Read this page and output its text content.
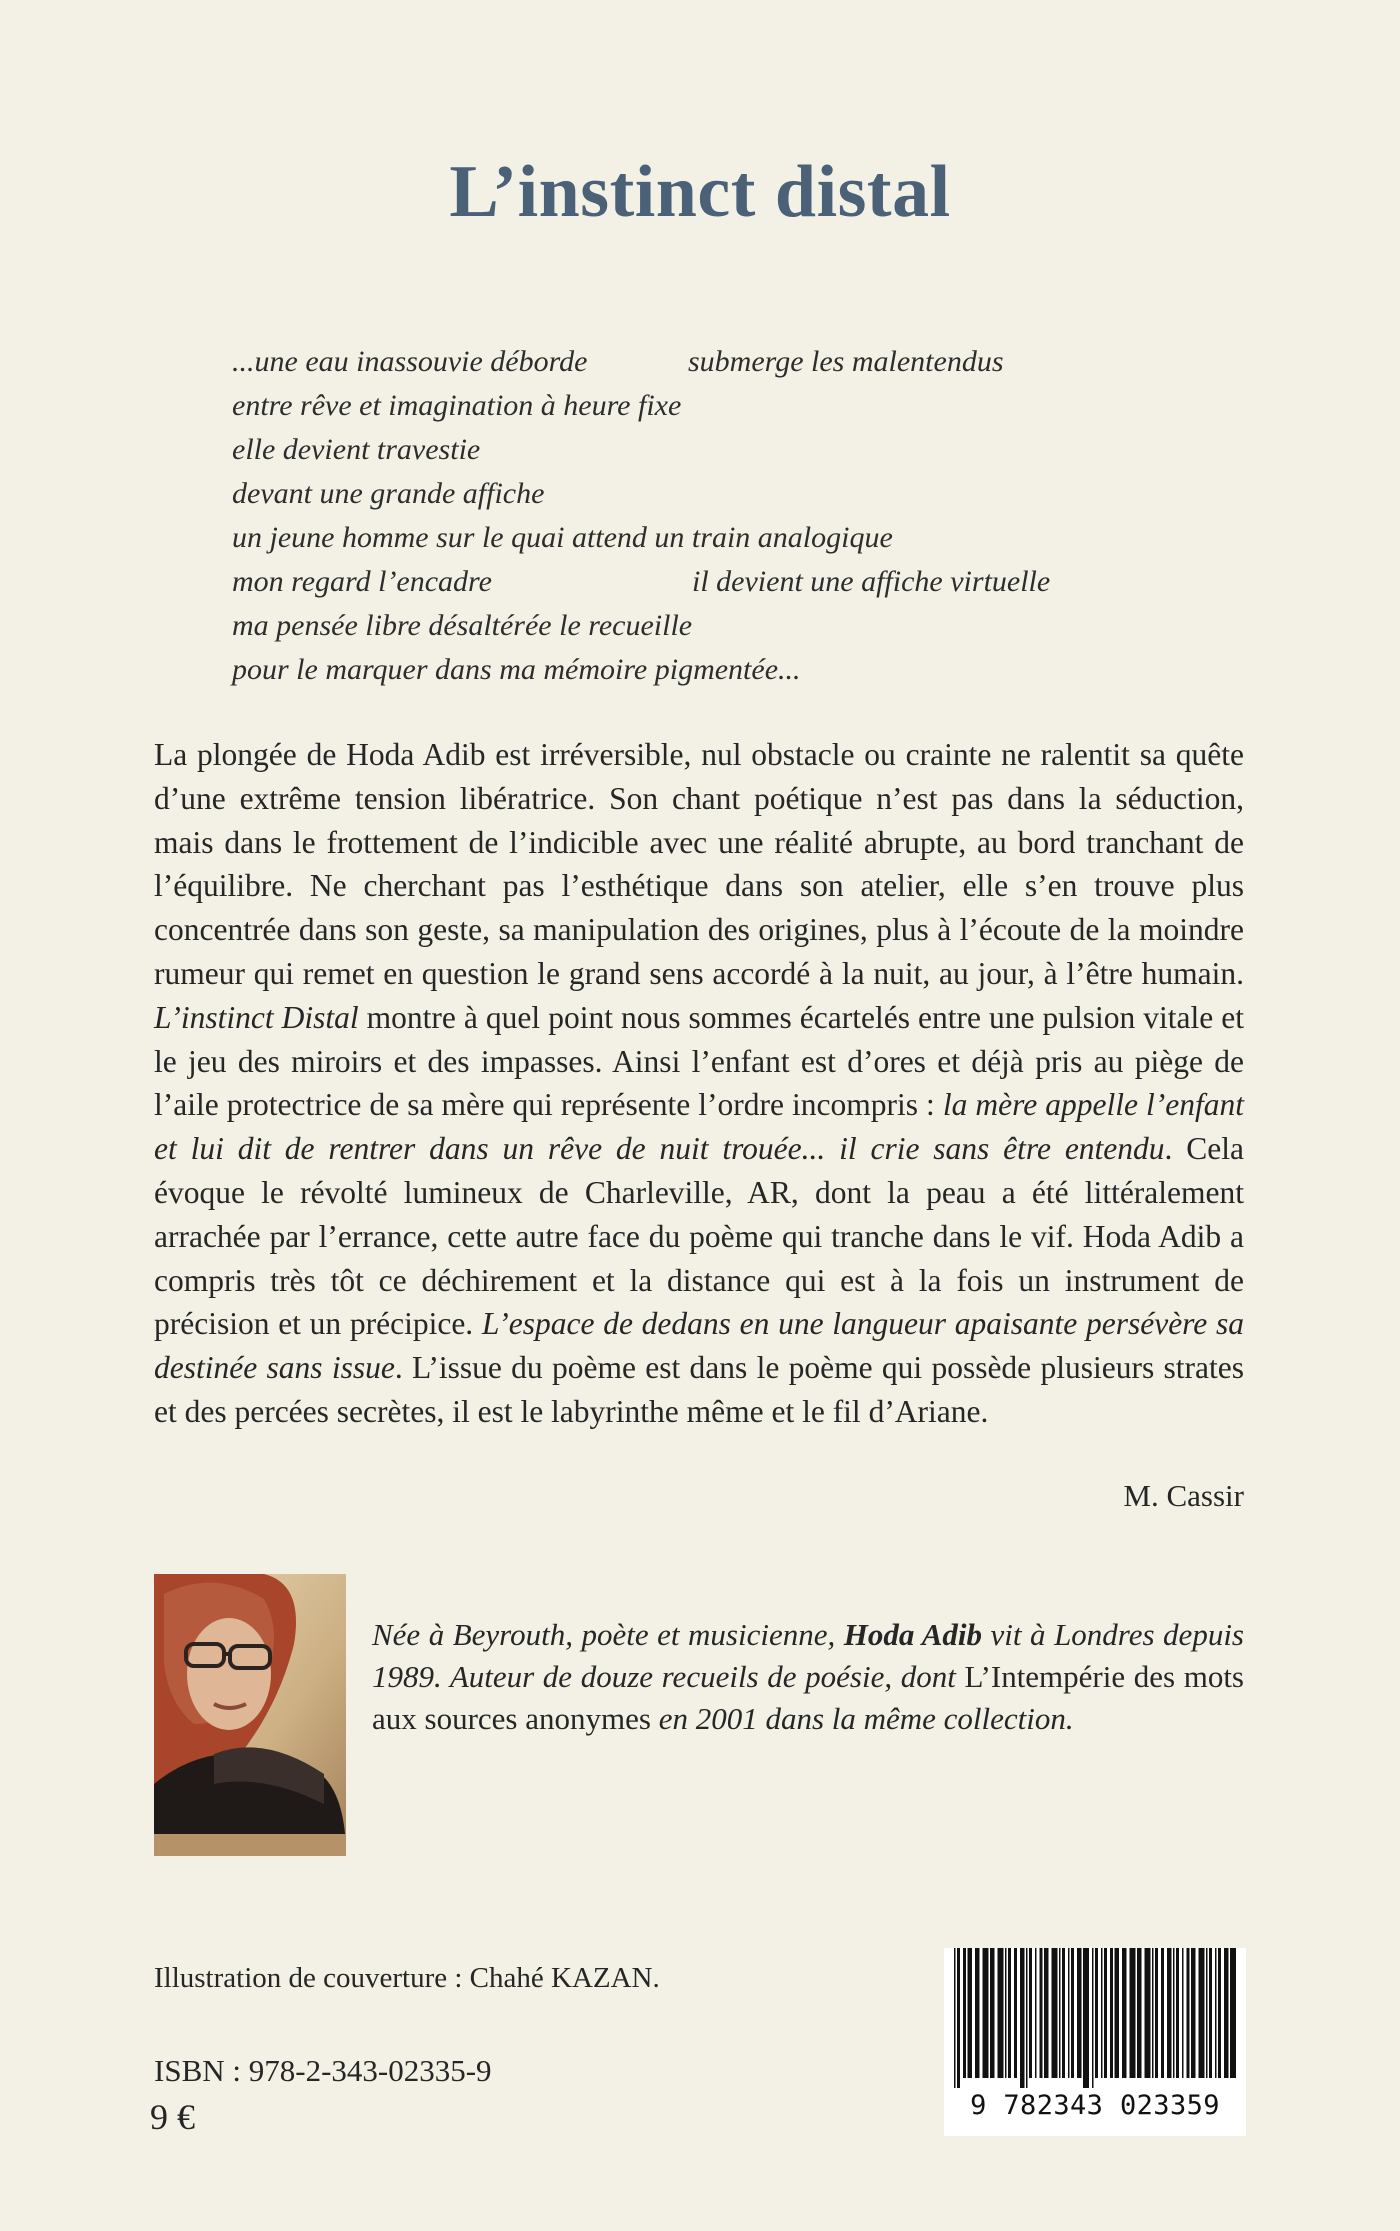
L’instinct distal
...une eau inassouvie déborde	submerge les malentendus
entre rêve et imagination à heure fixe
elle devient travestie
devant une grande affiche
un jeune homme sur le quai attend un train analogique
mon regard l’encadre	il devient une affiche virtuelle
ma pensée libre désaltérée le recueille
pour le marquer dans ma mémoire pigmentée...

La plongée de Hoda Adib est irréversible, nul obstacle ou crainte ne ralentit sa quête d’une extrême tension libératrice. Son chant poétique n’est pas dans la séduction, mais dans le frottement de l’indicible avec une réalité abrupte, au bord tranchant de l’équilibre. Ne cherchant pas l’esthétique dans son atelier, elle s’en trouve plus concentrée dans son geste, sa manipulation des origines, plus à l’écoute de la moindre rumeur qui remet en question le grand sens accordé à la nuit, au jour, à l’être humain. L’instinct Distal montre à quel point nous sommes écartelés entre une pulsion vitale et le jeu des miroirs et des impasses. Ainsi l’enfant est d’ores et déjà pris au piège de l’aile protectrice de sa mère qui représente l’ordre incompris : la mère appelle l’enfant et lui dit de rentrer dans un rêve de nuit trouée... il crie sans être entendu. Cela évoque le révolté lumineux de Charleville, AR, dont la peau a été littéralement arrachée par l’errance, cette autre face du poème qui tranche dans le vif. Hoda Adib a compris très tôt ce déchirement et la distance qui est à la fois un instrument de précision et un précipice. L’espace de dedans en une langueur apaisante persévère sa destinée sans issue. L’issue du poème est dans le poème qui possède plusieurs strates et des percées secrètes, il est le labyrinthe même et le fil d’Ariane.

M. Cassir

Née à Beyrouth, poète et musicienne, Hoda Adib vit à Londres depuis 1989. Auteur de douze recueils de poésie, dont L’Intempérie des mots aux sources anonymes en 2001 dans la même collection.

Illustration de couverture : Chahé KAZAN.
ISBN : 978-2-343-02335-9
9 €	9 782343 023359
